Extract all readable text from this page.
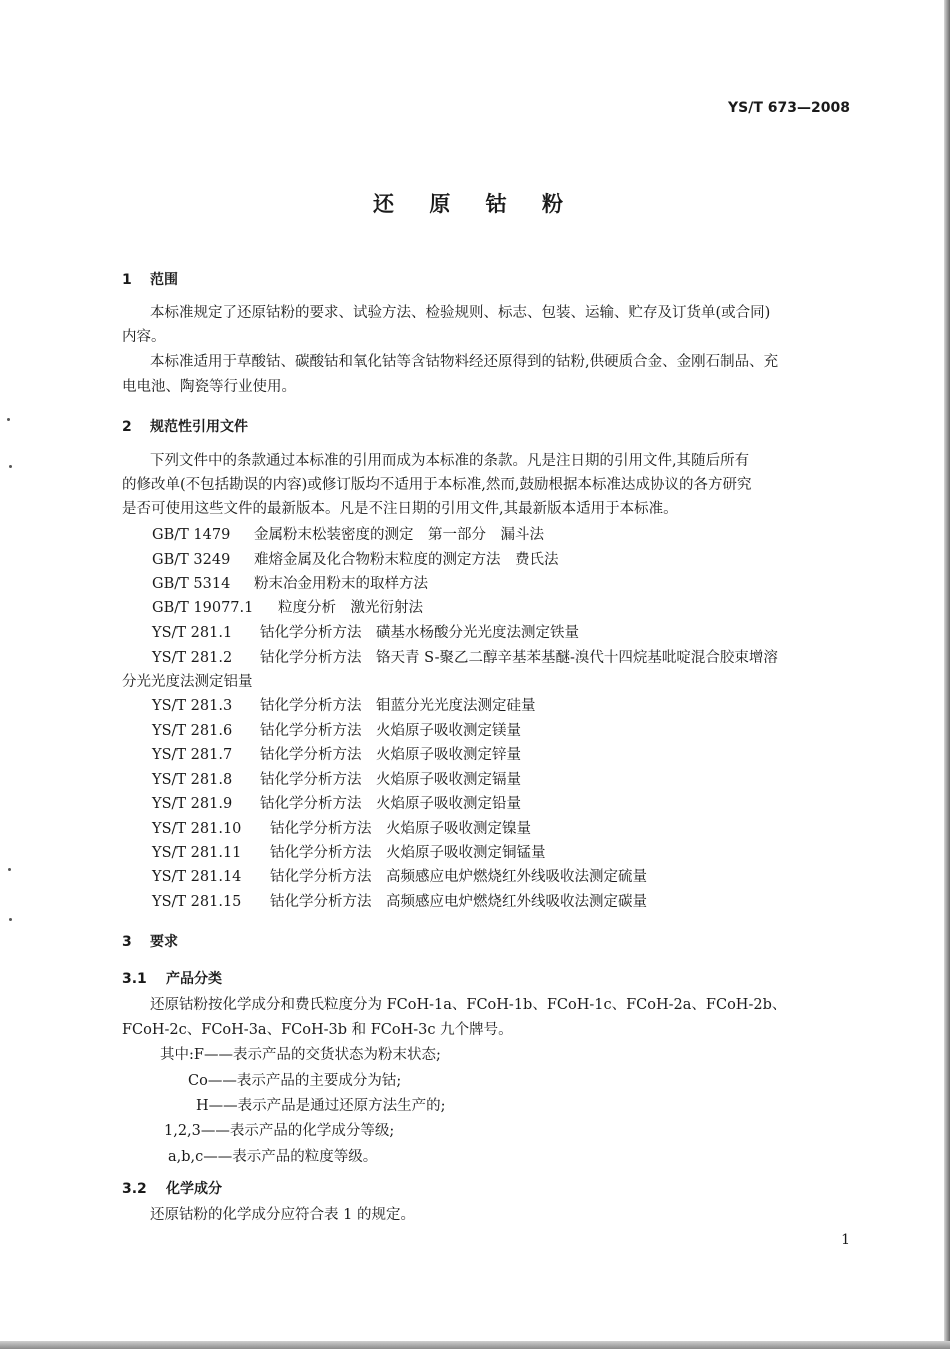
YS/T 673—2008
还 原 钴 粉
1 范围
本标准规定了还原钴粉的要求、试验方法、检验规则、标志、包装、运输、贮存及订货单(或合同)
内容。
本标准适用于草酸钴、碳酸钴和氧化钴等含钴物料经还原得到的钴粉,供硬质合金、金刚石制品、充
电电池、陶瓷等行业使用。
2 规范性引用文件
下列文件中的条款通过本标准的引用而成为本标准的条款。凡是注日期的引用文件,其随后所有
的修改单(不包括勘误的内容)或修订版均不适用于本标准,然而,鼓励根据本标准达成协议的各方研究
是否可使用这些文件的最新版本。凡是不注日期的引用文件,其最新版本适用于本标准。
GB/T 1479 金属粉末松装密度的测定　第一部分　漏斗法
GB/T 3249 难熔金属及化合物粉末粒度的测定方法　费氏法
GB/T 5314 粉末冶金用粉末的取样方法
GB/T 19077.1 粒度分析　激光衍射法
YS/T 281.1 钴化学分析方法　磺基水杨酸分光光度法测定铁量
YS/T 281.2 钴化学分析方法　铬天青 S-聚乙二醇辛基苯基醚-溴代十四烷基吡啶混合胶束增溶
分光光度法测定铝量
YS/T 281.3 钴化学分析方法　钼蓝分光光度法测定硅量
YS/T 281.6 钴化学分析方法　火焰原子吸收测定镁量
YS/T 281.7 钴化学分析方法　火焰原子吸收测定锌量
YS/T 281.8 钴化学分析方法　火焰原子吸收测定镉量
YS/T 281.9 钴化学分析方法　火焰原子吸收测定铅量
YS/T 281.10 钴化学分析方法　火焰原子吸收测定镍量
YS/T 281.11 钴化学分析方法　火焰原子吸收测定铜锰量
YS/T 281.14 钴化学分析方法　高频感应电炉燃烧红外线吸收法测定硫量
YS/T 281.15 钴化学分析方法　高频感应电炉燃烧红外线吸收法测定碳量
3 要求
3.1 产品分类
还原钴粉按化学成分和费氏粒度分为 FCoH-1a、FCoH-1b、FCoH-1c、FCoH-2a、FCoH-2b、
FCoH-2c、FCoH-3a、FCoH-3b 和 FCoH-3c 九个牌号。
其中:F——表示产品的交货状态为粉末状态;
Co——表示产品的主要成分为钴;
H——表示产品是通过还原方法生产的;
1,2,3——表示产品的化学成分等级;
a,b,c——表示产品的粒度等级。
3.2 化学成分
还原钴粉的化学成分应符合表 1 的规定。
1
